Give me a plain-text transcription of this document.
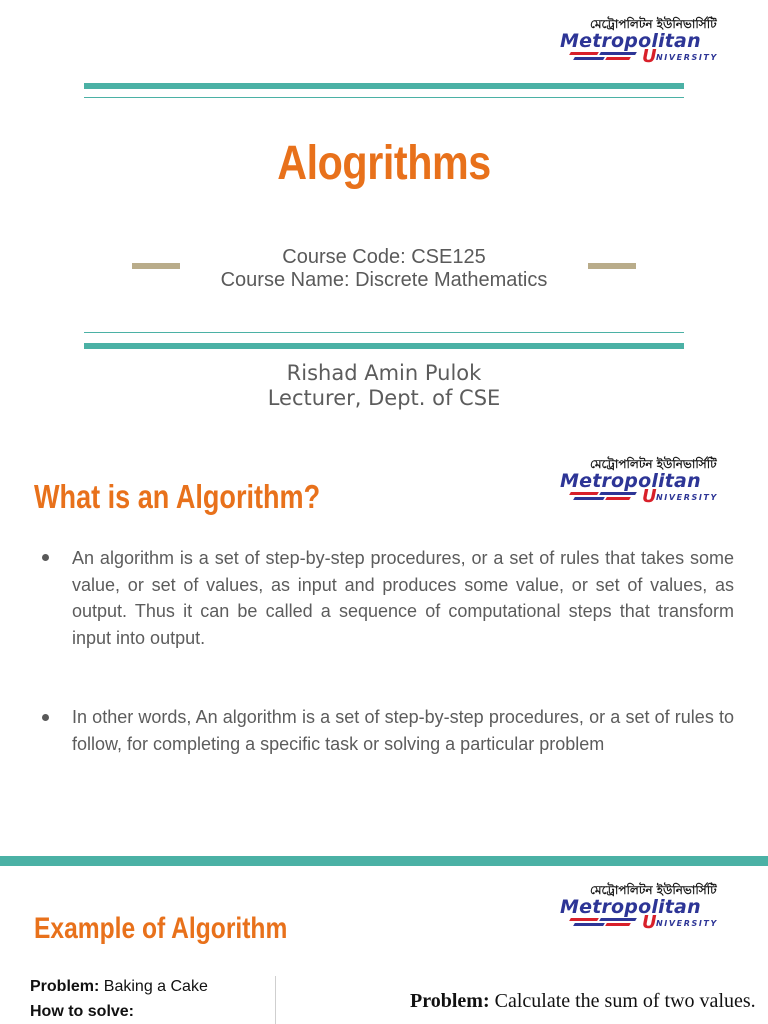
মেট্রোপলিটন ইউনিভার্সিটি
Metropolitan
U NIVERSITY
Alogrithms
Course Code: CSE125
Course Name: Discrete Mathematics
Rishad Amin Pulok
Lecturer, Dept. of CSE
মেট্রোপলিটন ইউনিভার্সিটি
Metropolitan
U NIVERSITY
What is an Algorithm?
An algorithm is a set of step-by-step procedures, or a set of rules that takes some value, or set of values, as input and produces some value, or set of values, as output. Thus it can be called a sequence of computational steps that transform input into output.
In other words, An algorithm is a set of step-by-step procedures, or a set of rules to follow, for completing a specific task or solving a particular problem
মেট্রোপলিটন ইউনিভার্সিটি
Metropolitan
U NIVERSITY
Example of Algorithm
Problem: Baking a Cake
How to solve:	Problem: Calculate the sum of two values.
